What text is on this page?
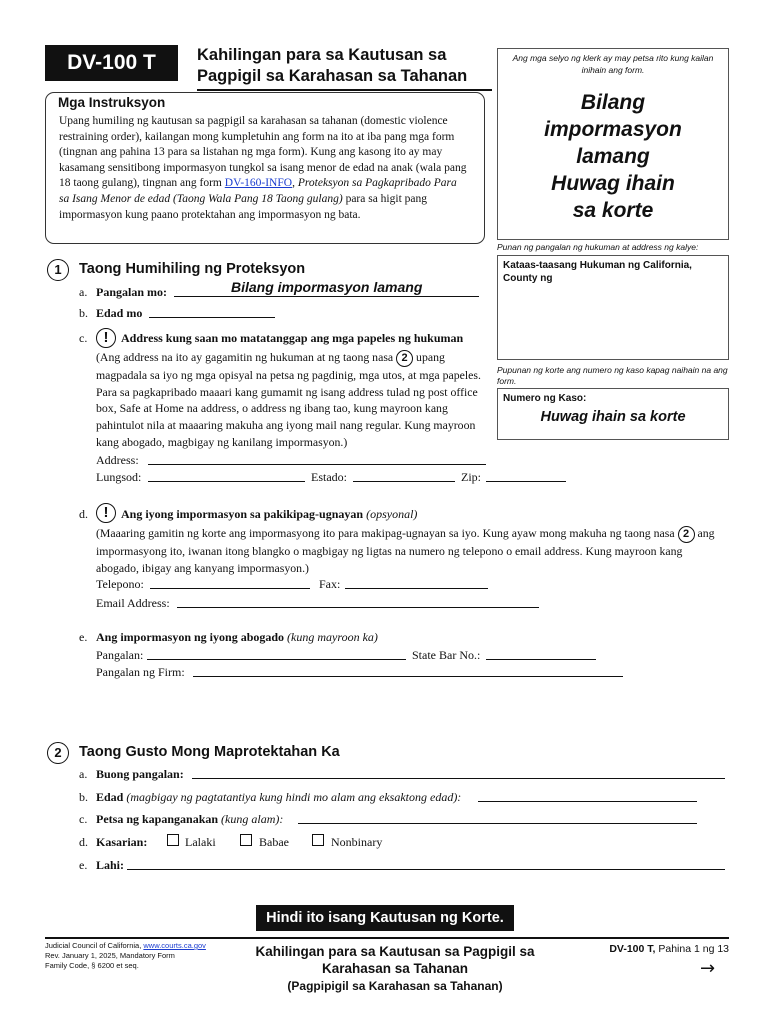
DV-100 T	Kahilingan para sa Kautusan sa
Pagpigil sa Karahasan sa Tahanan
Ang mga selyo ng klerk ay may petsa rito kung kailan inihain ang form.
Bilang
impormasyon
lamang
Huwag ihain
sa korte
Mga Instruksyon
Upang humiling ng kautusan sa pagpigil sa karahasan sa tahanan (domestic violence restraining order), kailangan mong kumpletuhin ang form na ito at iba pang mga form (tingnan ang pahina 13 para sa listahan ng mga form). Kung ang kasong ito ay may kasamang sensitibong impormasyon tungkol sa isang menor de edad na anak (wala pang 18 taong gulang), tingnan ang form DV-160-INFO, Proteksyon sa Pagkapribado Para sa Isang Menor de edad (Taong Wala Pang 18 Taong gulang) para sa higit pang impormasyon kung paano protektahan ang impormasyon ng bata.
Punan ng pangalan ng hukuman at address ng kalye:
Kataas-taasang Hukuman ng California,
County ng
Pupunan ng korte ang numero ng kaso kapag naihain na ang form.
Numero ng Kaso:
Huwag ihain sa korte
1	Taong Humihiling ng Proteksyon
a. Pangalan mo:	Bilang impormasyon lamang
b. Edad mo
c.	!	Address kung saan mo matatanggap ang mga papeles ng hukuman
(Ang address na ito ay gagamitin ng hukuman at ng taong nasa 2 upang magpadala sa iyo ng mga opisyal na petsa ng pagdinig, mga utos, at mga papeles. Para sa pagkapribado maaari kang gumamit ng isang address tulad ng post office box, Safe at Home na address, o address ng ibang tao, kung mayroon kang pahintulot nila at maaaring makuha ang iyong mail nang regular. Kung mayroon kang abogado, magbigay ng kanilang impormasyon.)
Address:
Lungsod:	Estado:	Zip:
d.	!	Ang iyong impormasyon sa pakikipag-ugnayan (opsyonal)
(Maaaring gamitin ng korte ang impormasyong ito para makipag-ugnayan sa iyo. Kung ayaw mong makuha ng taong nasa 2 ang impormasyong ito, iwanan itong blangko o magbigay ng ligtas na numero ng telepono o email address. Kung mayroon kang abogado, ibigay ang kanyang impormasyon.)
Telepono:	Fax:
Email Address:
e. Ang impormasyon ng iyong abogado (kung mayroon ka)
Pangalan:	State Bar No.:
Pangalan ng Firm:
2	Taong Gusto Mong Maprotektahan Ka
a. Buong pangalan:
b. Edad (magbigay ng pagtatantiya kung hindi mo alam ang eksaktong edad):
c. Petsa ng kapanganakan (kung alam):
d. Kasarian:	Lalaki	Babae	Nonbinary
e. Lahi:
Hindi ito isang Kautusan ng Korte.
Judicial Council of California, www.courts.ca.gov
Rev. January 1, 2025, Mandatory Form
Family Code, § 6200 et seq.
Kahilingan para sa Kautusan sa Pagpigil sa
Karahasan sa Tahanan
(Pagpipigil sa Karahasan sa Tahanan)
DV-100 T, Pahina 1 ng 13
→
